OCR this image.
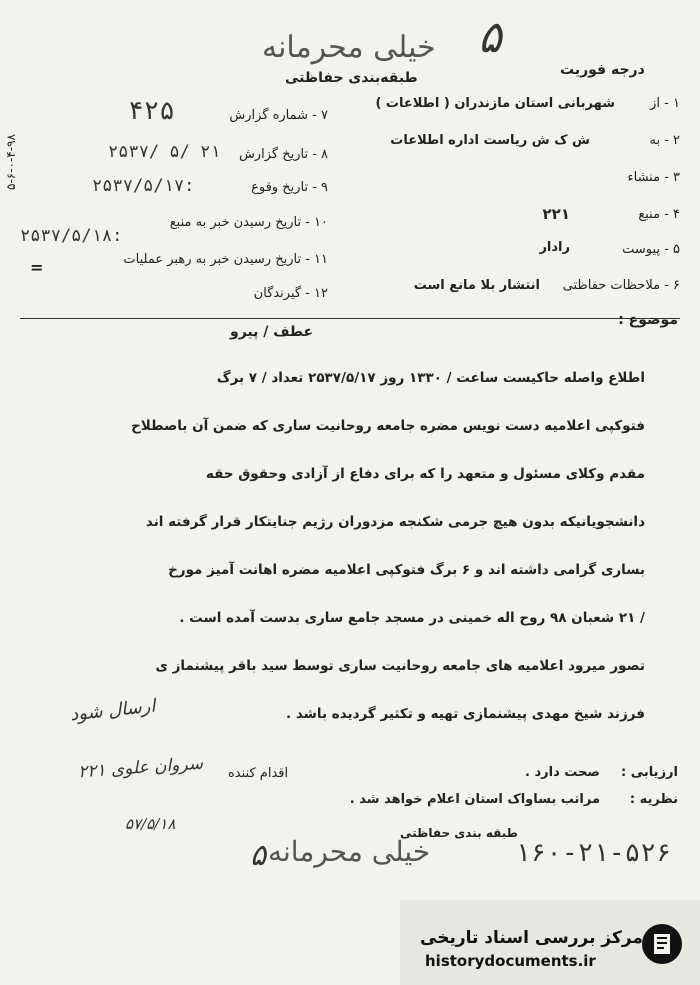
خیلی محرمانه ۵
طبقه‌بندی حفاظتی	درجه فوریت
۵-۶-۰-۴-۹۸
۱ - از
شهربانی استان مازندران ( اطلاعات )
۲ - به
ش ک ش ریاست اداره اطلاعات
۳ - منشاء
۴ - منبع
۲۲۱
۵ - پیوست
رادار
۶ - ملاحظات حفاظتی
انتشار بلا مانع است
۷ - شماره گزارش
۴۲۵
۸ - تاریخ گزارش
۲۵۳۷/ ۵/ ۲۱
۹ - تاریخ وقوع
۲۵۳۷/۵/۱۷:
۱۰ - تاریخ رسیدن خبر به منبع
۲۵۳۷/۵/۱۸:
۱۱ - تاریخ رسیدن خبر به رهبر عملیات
=
۱۲ - گیرندگان
موضوع :
عطف / پیرو
اطلاع واصله حاکیست ساعت / ۱۳۳۰ روز ۲۵۳۷/۵/۱۷ تعداد / ۷ برگ
فتوکپی اعلامیه دست نویس مضره جامعه روحانیت ساری که ضمن آن باصطلاح
مقدم وکلای مسئول و متعهد را که برای دفاع از آزادی وحقوق حقه
دانشجویانیکه بدون هیچ جرمی شکنجه مزدوران رژیم جنایتکار قرار گرفته اند
بساری گرامی داشته اند و ۶ برگ فتوکپی اعلامیه مضره اهانت آمیز مورخ
/ ۲۱ شعبان ۹۸ روح اله خمینی در مسجد جامع ساری بدست آمده است .
تصور میرود اعلامیه های جامعه روحانیت ساری توسط سید باقر پیشنماز ی
فرزند شیخ مهدی پیشنمازی تهیه و تکثیر گردیده باشد .
ارسال شود
ارزیابی :
صحت دارد .
نظریه :
مراتب بساواک استان اعلام خواهد شد .
اقدام کننده
سروان علوی ۲۲۱
۵۷/۵/۱۸	طبقه بندی حفاظتی
خیلی محرمانه
۵	۱۶۰-۲۱-۵۲۶
مرکز بررسی اسناد تاریخی
historydocuments.ir
